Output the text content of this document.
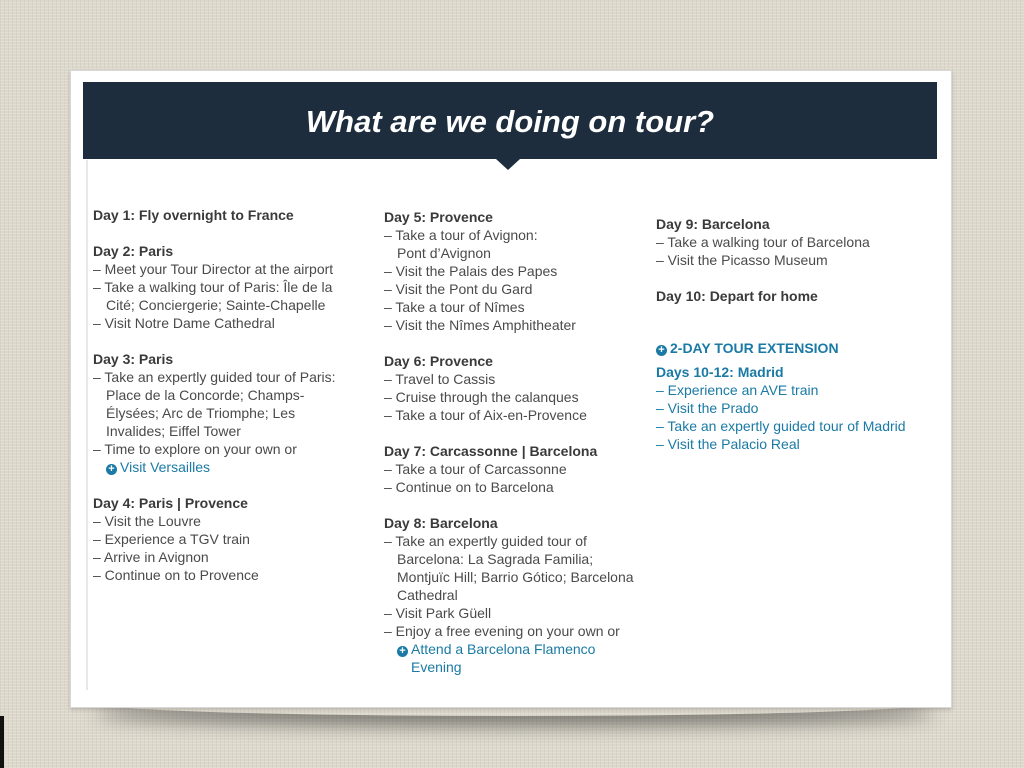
What are we doing on tour?
Day 1: Fly overnight to France
Day 2: Paris
– Meet your Tour Director at the airport
– Take a walking tour of Paris: Île de la
Cité; Conciergerie; Sainte-Chapelle
– Visit Notre Dame Cathedral
Day 3: Paris
– Take an expertly guided tour of Paris:
Place de la Concorde; Champs-
Élysées; Arc de Triomphe; Les
Invalides; Eiffel Tower
– Time to explore on your own or
+ Visit Versailles
Day 4: Paris | Provence
– Visit the Louvre
– Experience a TGV train
– Arrive in Avignon
– Continue on to Provence
Day 5: Provence
– Take a tour of Avignon:
Pont d’Avignon
– Visit the Palais des Papes
– Visit the Pont du Gard
– Take a tour of Nîmes
– Visit the Nîmes Amphitheater
Day 6: Provence
– Travel to Cassis
– Cruise through the calanques
– Take a tour of Aix-en-Provence
Day 7: Carcassonne | Barcelona
– Take a tour of Carcassonne
– Continue on to Barcelona
Day 8: Barcelona
– Take an expertly guided tour of
Barcelona: La Sagrada Familia;
Montjuïc Hill; Barrio Gótico; Barcelona
Cathedral
– Visit Park Güell
– Enjoy a free evening on your own or
+ Attend a Barcelona Flamenco
Evening
Day 9: Barcelona
– Take a walking tour of Barcelona
– Visit the Picasso Museum
Day 10: Depart for home
+ 2-DAY TOUR EXTENSION
Days 10-12: Madrid
– Experience an AVE train
– Visit the Prado
– Take an expertly guided tour of Madrid
– Visit the Palacio Real
